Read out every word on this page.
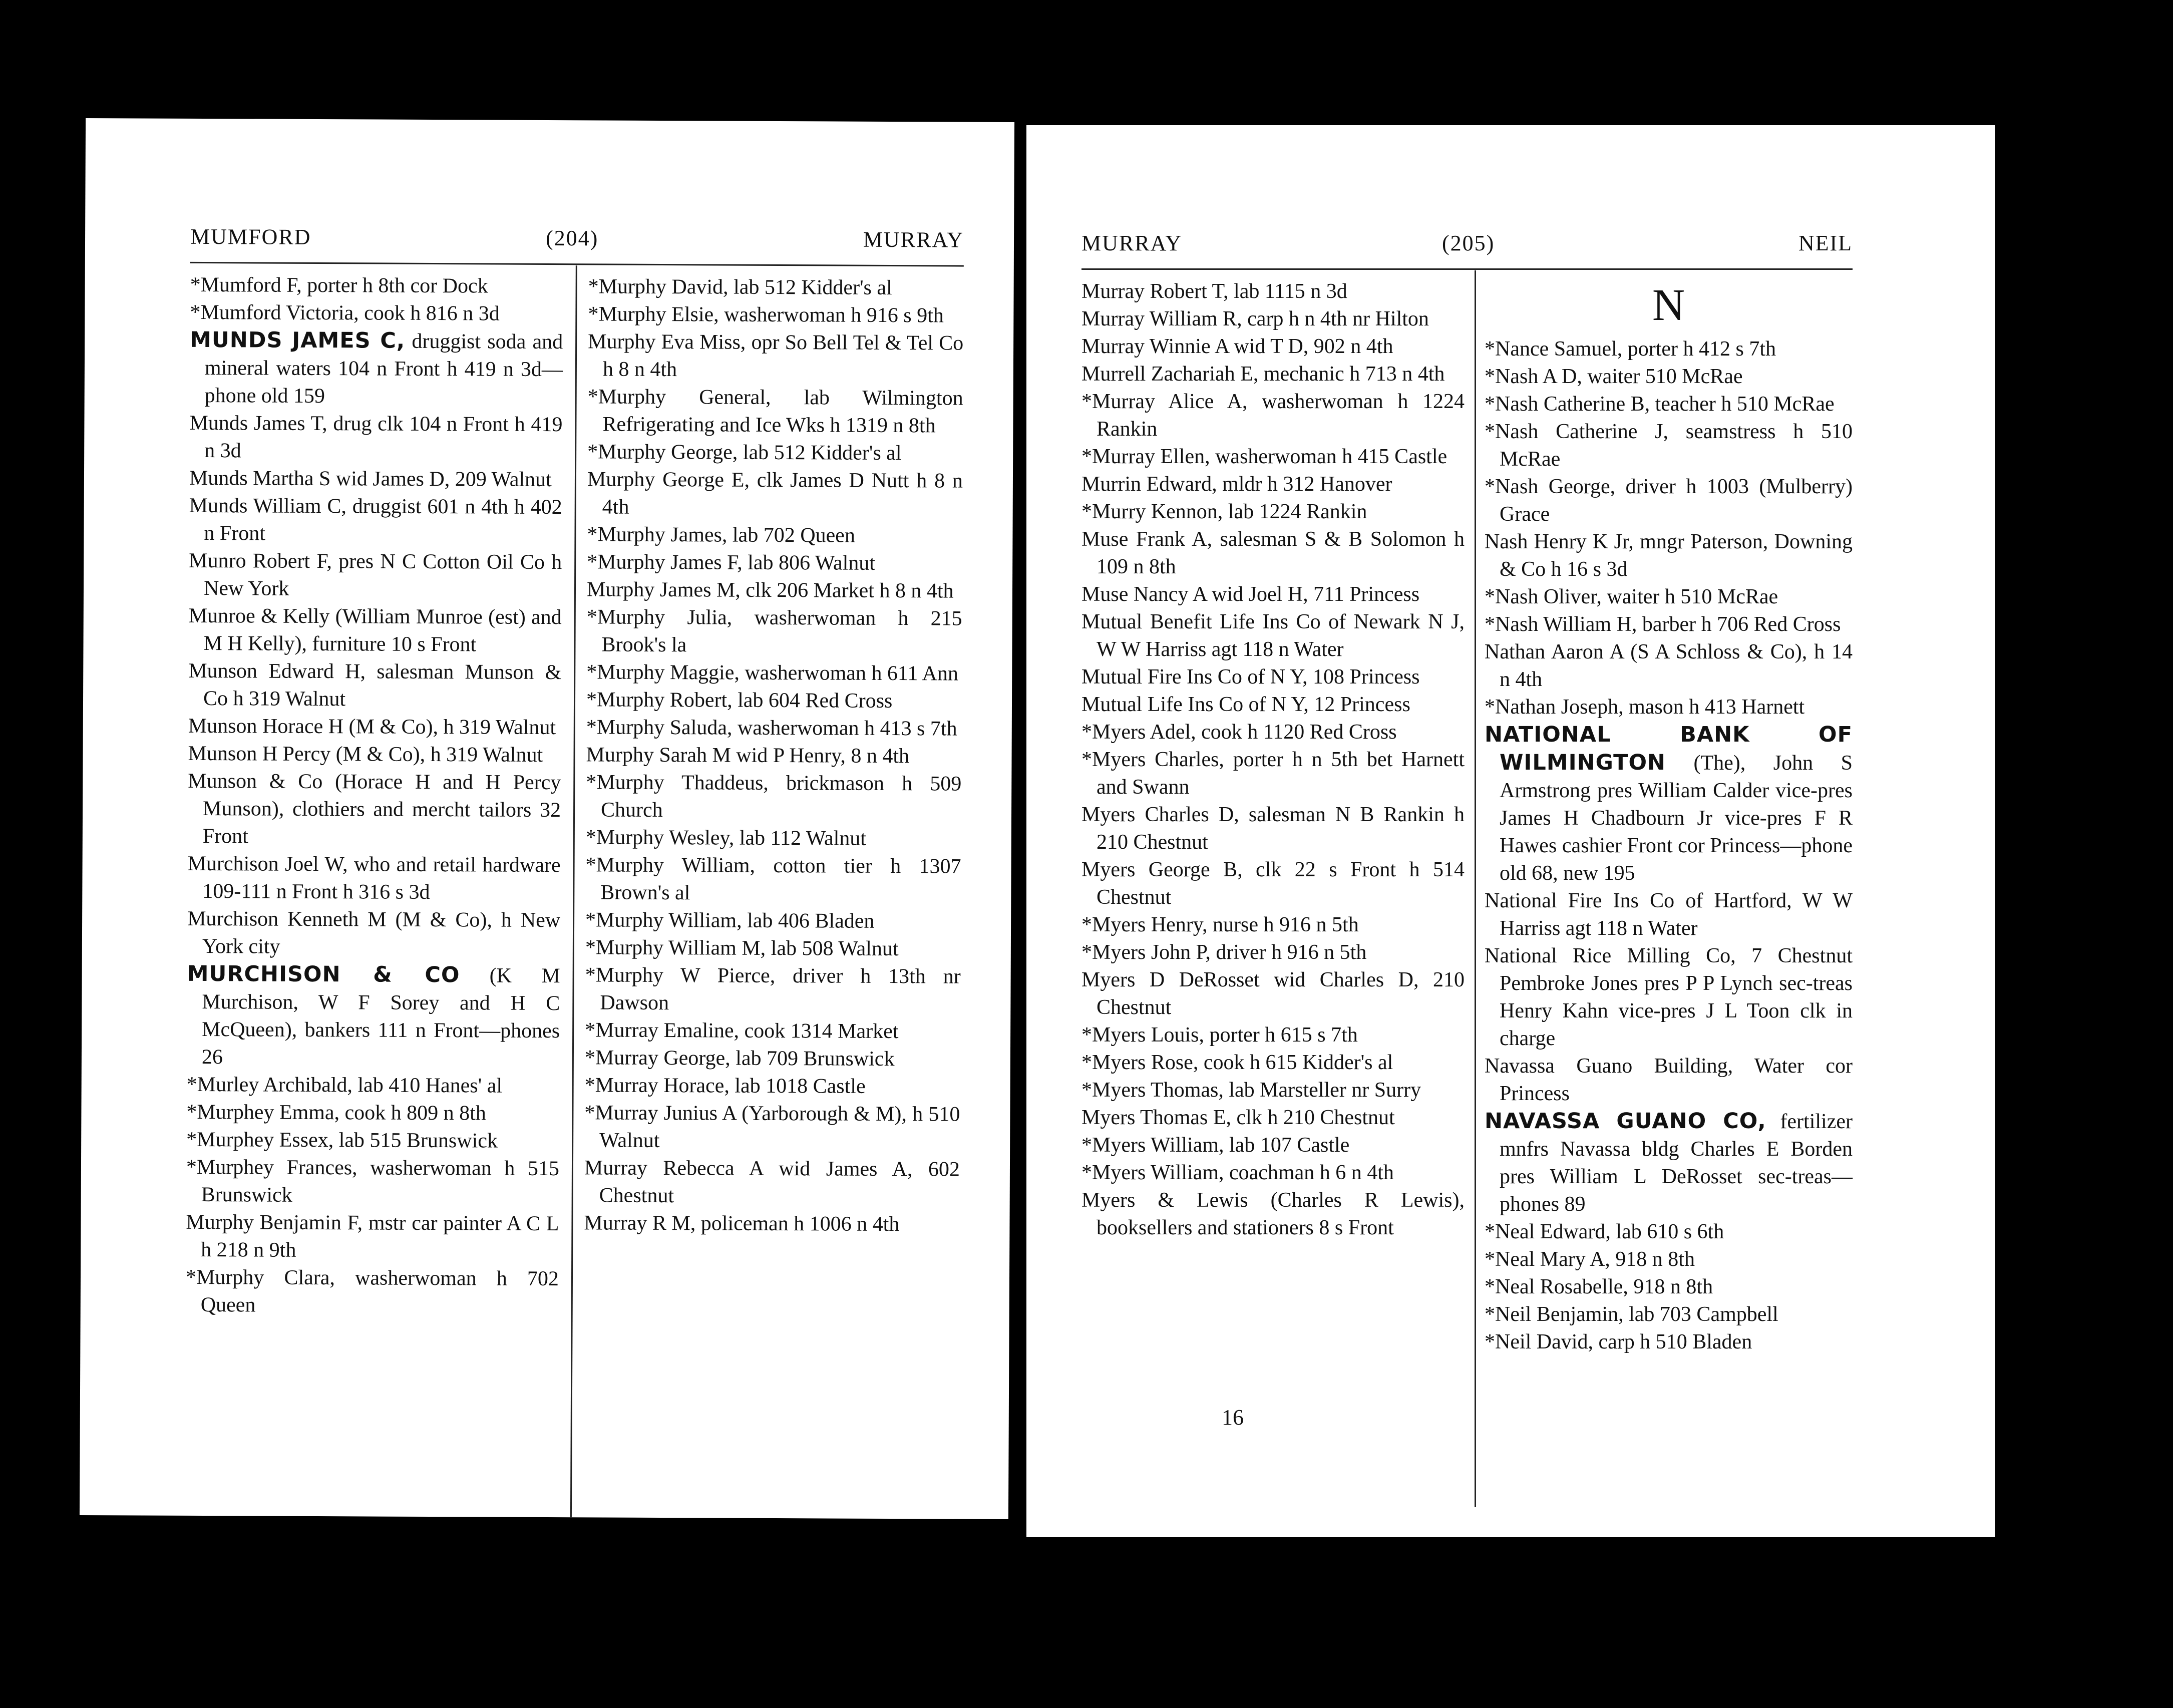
MUMFORD	(204)	MURRAY
*Mumford F, porter h 8th cor Dock
*Mumford Victoria, cook h 816 n 3d
MUNDS JAMES C, druggist soda and mineral waters 104 n Front h 419 n 3d—phone old 159
Munds James T, drug clk 104 n Front h 419 n 3d
Munds Martha S wid James D, 209 Walnut
Munds William C, druggist 601 n 4th h 402 n Front
Munro Robert F, pres N C Cotton Oil Co h New York
Munroe & Kelly (William Munroe (est) and M H Kelly), furniture 10 s Front
Munson Edward H, salesman Munson & Co h 319 Walnut
Munson Horace H (M & Co), h 319 Walnut
Munson H Percy (M & Co), h 319 Walnut
Munson & Co (Horace H and H Percy Munson), clothiers and mercht tailors 32 Front
Murchison Joel W, who and retail hardware 109-111 n Front h 316 s 3d
Murchison Kenneth M (M & Co), h New York city
MURCHISON & CO (K M Murchison, W F Sorey and H C McQueen), bankers 111 n Front—phones 26
*Murley Archibald, lab 410 Hanes' al
*Murphey Emma, cook h 809 n 8th
*Murphey Essex, lab 515 Brunswick
*Murphey Frances, washerwoman h 515 Brunswick
Murphy Benjamin F, mstr car painter A C L h 218 n 9th
*Murphy Clara, washerwoman h 702 Queen
*Murphy David, lab 512 Kidder's al
*Murphy Elsie, washerwoman h 916 s 9th
Murphy Eva Miss, opr So Bell Tel & Tel Co h 8 n 4th
*Murphy General, lab Wilmington Refrigerating and Ice Wks h 1319 n 8th
*Murphy George, lab 512 Kidder's al
Murphy George E, clk James D Nutt h 8 n 4th
*Murphy James, lab 702 Queen
*Murphy James F, lab 806 Walnut
Murphy James M, clk 206 Market h 8 n 4th
*Murphy Julia, washerwoman h 215 Brook's la
*Murphy Maggie, washerwoman h 611 Ann
*Murphy Robert, lab 604 Red Cross
*Murphy Saluda, washerwoman h 413 s 7th
Murphy Sarah M wid P Henry, 8 n 4th
*Murphy Thaddeus, brickmason h 509 Church
*Murphy Wesley, lab 112 Walnut
*Murphy William, cotton tier h 1307 Brown's al
*Murphy William, lab 406 Bladen
*Murphy William M, lab 508 Walnut
*Murphy W Pierce, driver h 13th nr Dawson
*Murray Emaline, cook 1314 Market
*Murray George, lab 709 Brunswick
*Murray Horace, lab 1018 Castle
*Murray Junius A (Yarborough & M), h 510 Walnut
Murray Rebecca A wid James A, 602 Chestnut
Murray R M, policeman h 1006 n 4th
MURRAY	(205)	NEIL
Murray Robert T, lab 1115 n 3d
Murray William R, carp h n 4th nr Hilton
Murray Winnie A wid T D, 902 n 4th
Murrell Zachariah E, mechanic h 713 n 4th
*Murray Alice A, washerwoman h 1224 Rankin
*Murray Ellen, washerwoman h 415 Castle
Murrin Edward, mldr h 312 Hanover
*Murry Kennon, lab 1224 Rankin
Muse Frank A, salesman S & B Solomon h 109 n 8th
Muse Nancy A wid Joel H, 711 Princess
Mutual Benefit Life Ins Co of Newark N J, W W Harriss agt 118 n Water
Mutual Fire Ins Co of N Y, 108 Princess
Mutual Life Ins Co of N Y, 12 Princess
*Myers Adel, cook h 1120 Red Cross
*Myers Charles, porter h n 5th bet Harnett and Swann
Myers Charles D, salesman N B Rankin h 210 Chestnut
Myers George B, clk 22 s Front h 514 Chestnut
*Myers Henry, nurse h 916 n 5th
*Myers John P, driver h 916 n 5th
Myers D DeRosset wid Charles D, 210 Chestnut
*Myers Louis, porter h 615 s 7th
*Myers Rose, cook h 615 Kidder's al
*Myers Thomas, lab Marsteller nr Surry
Myers Thomas E, clk h 210 Chestnut
*Myers William, lab 107 Castle
*Myers William, coachman h 6 n 4th
Myers & Lewis (Charles R Lewis), booksellers and stationers 8 s Front
N
*Nance Samuel, porter h 412 s 7th
*Nash A D, waiter 510 McRae
*Nash Catherine B, teacher h 510 McRae
*Nash Catherine J, seamstress h 510 McRae
*Nash George, driver h 1003 (Mulberry) Grace
Nash Henry K Jr, mngr Paterson, Downing & Co h 16 s 3d
*Nash Oliver, waiter h 510 McRae
*Nash William H, barber h 706 Red Cross
Nathan Aaron A (S A Schloss & Co), h 14 n 4th
*Nathan Joseph, mason h 413 Harnett
NATIONAL BANK OF WILMINGTON (The), John S Armstrong pres William Calder vice-pres James H Chadbourn Jr vice-pres F R Hawes cashier Front cor Princess—phone old 68, new 195
National Fire Ins Co of Hartford, W W Harriss agt 118 n Water
National Rice Milling Co, 7 Chestnut Pembroke Jones pres P P Lynch sec-treas Henry Kahn vice-pres J L Toon clk in charge
Navassa Guano Building, Water cor Princess
NAVASSA GUANO CO, fertilizer mnfrs Navassa bldg Charles E Borden pres William L DeRosset sec-treas—phones 89
*Neal Edward, lab 610 s 6th
*Neal Mary A, 918 n 8th
*Neal Rosabelle, 918 n 8th
*Neil Benjamin, lab 703 Campbell
*Neil David, carp h 510 Bladen
16
